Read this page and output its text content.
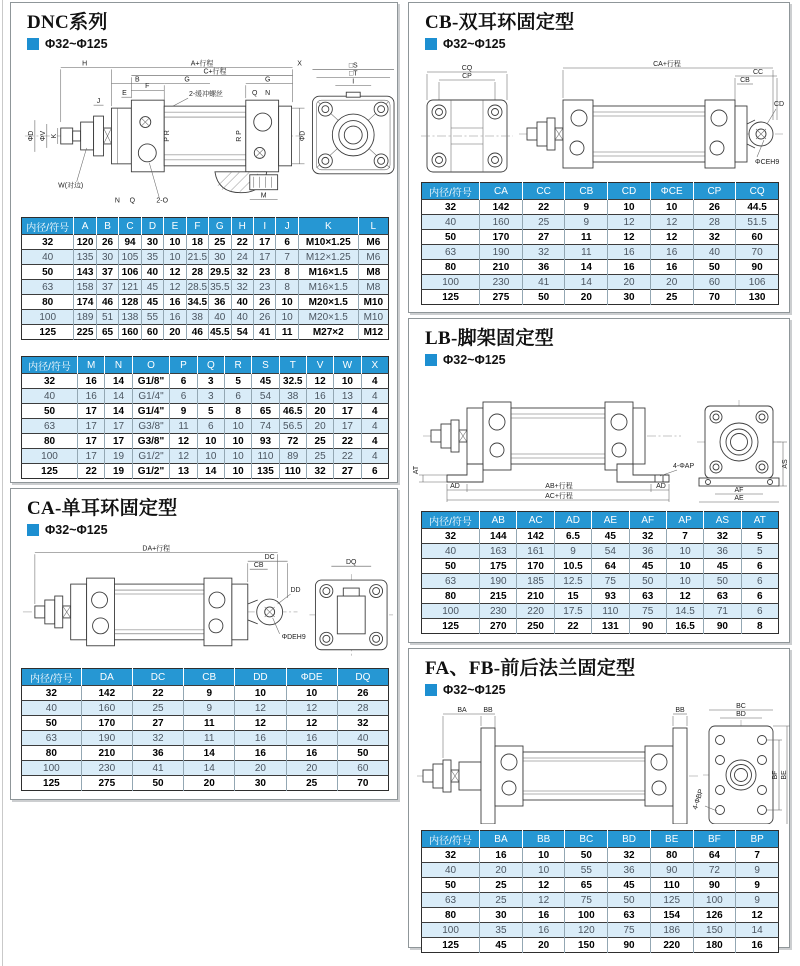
DNC系列
Φ32~Φ125
H	A+行程	X
C+行程
B	G	G
F
E
J
2-缓冲螺丝	Q N
ΦD ΦV K	P R	R P
M
N Q	2-O
W(对边)
ΦD
□S
□T
I
内径/符号	A	B	C	D	E	F	G	H	I	J	K	L
32	120	26	94	30	10	18	25	22	17	6	M10×1.25	M6
40	135	30	105	35	10	21.5	30	24	17	7	M12×1.25	M6
50	143	37	106	40	12	28	29.5	32	23	8	M16×1.5	M8
63	158	37	121	45	12	28.5	35.5	32	23	8	M16×1.5	M8
80	174	46	128	45	16	34.5	36	40	26	10	M20×1.5	M10
100	189	51	138	55	16	38	40	40	26	10	M20×1.5	M10
125	225	65	160	60	20	46	45.5	54	41	11	M27×2	M12
内径/符号	M	N	O	P	Q	R	S	T	V	W	X
32	16	14	G1/8"	6	3	5	45	32.5	12	10	4
40	16	14	G1/4"	6	3	6	54	38	16	13	4
50	17	14	G1/4"	9	5	8	65	46.5	20	17	4
63	17	17	G3/8"	11	6	10	74	56.5	20	17	4
80	17	17	G3/8"	12	10	10	93	72	25	22	4
100	17	19	G1/2"	12	10	10	110	89	25	22	4
125	22	19	G1/2"	13	14	10	135	110	32	27	6
CA-单耳环固定型
Φ32~Φ125
DA+行程
DC
CB
DD
ΦDEH9
DQ
内径/符号	DA	DC	CB	DD	ΦDE	DQ
32	142	22	9	10	10	26
40	160	25	9	12	12	28
50	170	27	11	12	12	32
63	190	32	11	16	16	40
80	210	36	14	16	16	50
100	230	41	14	20	20	60
125	275	50	20	30	25	70
CB-双耳环固定型
Φ32~Φ125
CQ
CP
CA+行程
CC
CB
CD
ΦCEH9
内径/符号	CA	CC	CB	CD	ΦCE	CP	CQ
32	142	22	9	10	10	26	44.5
40	160	25	9	12	12	28	51.5
50	170	27	11	12	12	32	60
63	190	32	11	16	16	40	70
80	210	36	14	16	16	50	90
100	230	41	14	20	20	60	106
125	275	50	20	30	25	70	130
LB-脚架固定型
Φ32~Φ125
AB+行程
AC+行程
AD	AD
AT	4-ΦAP	AS
AF
AE
内径/符号	AB	AC	AD	AE	AF	AP	AS	AT
32	144	142	6.5	45	32	7	32	5
40	163	161	9	54	36	10	36	5
50	175	170	10.5	64	45	10	45	6
63	190	185	12.5	75	50	10	50	6
80	215	210	15	93	63	12	63	6
100	230	220	17.5	110	75	14.5	71	6
125	270	250	22	131	90	16.5	90	8
FA、FB-前后法兰固定型
Φ32~Φ125
BA BB	BB
BC
BD
BF BE
4-ΦBP
内径/符号	BA	BB	BC	BD	BE	BF	BP
32	16	10	50	32	80	64	7
40	20	10	55	36	90	72	9
50	25	12	65	45	110	90	9
63	25	12	75	50	125	100	9
80	30	16	100	63	154	126	12
100	35	16	120	75	186	150	14
125	45	20	150	90	220	180	16
